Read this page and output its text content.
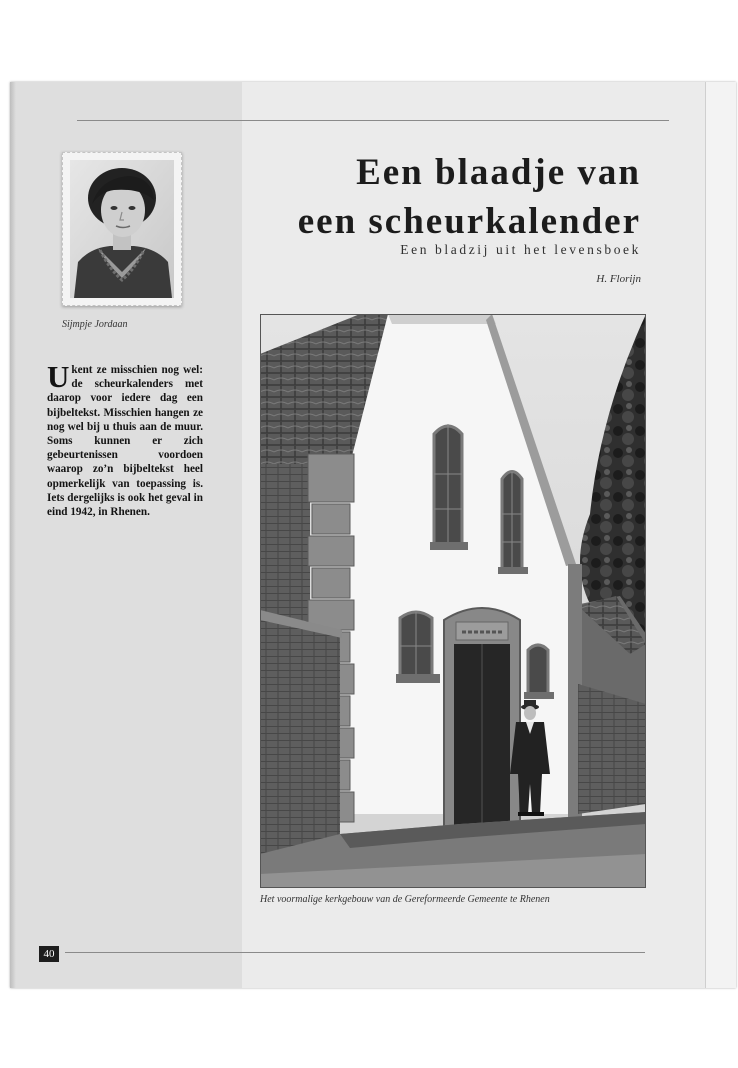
Sijmpje Jordaan
Ukent ze misschien nog wel: de scheurkalenders met daarop voor iedere dag een bijbeltekst. Misschien hangen ze nog wel bij u thuis aan de muur. Soms kunnen er zich gebeurtenissen voordoen waarop zo’n bijbeltekst heel opmerkelijk van toepassing is. Iets dergelijks is ook het geval in eind 1942, in Rhenen.
Een blaadje van
een scheurkalender
Een bladzij uit het levensboek
H. Florijn
Het voormalige kerkgebouw van de Gereformeerde Gemeente te Rhenen
40
